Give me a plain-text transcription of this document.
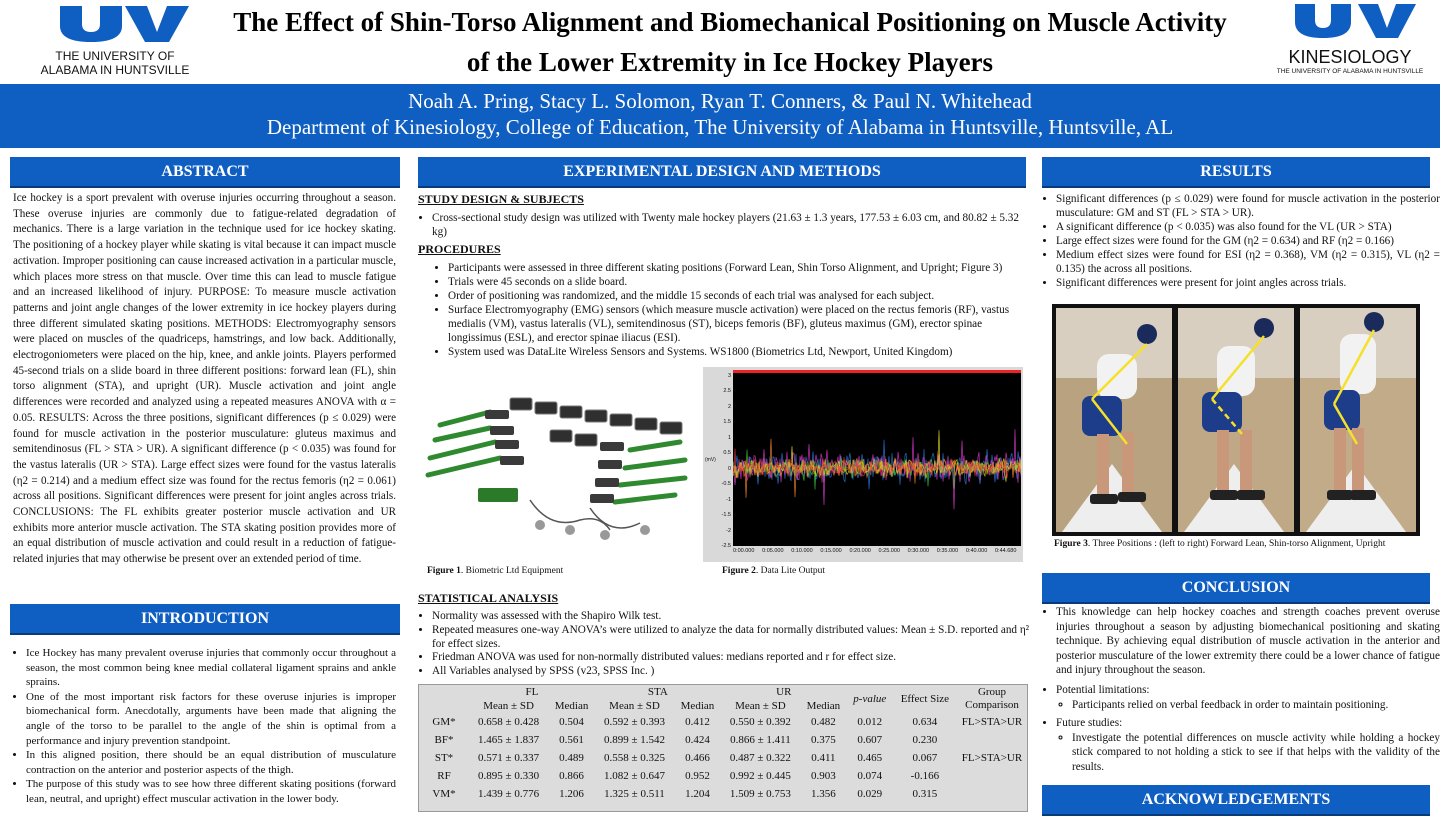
THE UNIVERSITY OF
ALABAMA IN HUNTSVILLE
The Effect of Shin-Torso Alignment and Biomechanical Positioning on Muscle Activity
of the Lower Extremity in Ice Hockey Players	KINESIOLOGY
THE UNIVERSITY OF ALABAMA IN HUNTSVILLE
Noah A. Pring, Stacy L. Solomon, Ryan T. Conners, & Paul N. Whitehead
Department of Kinesiology, College of Education, The University of Alabama in Huntsville, Huntsville, AL
ABSTRACT
Ice hockey is a sport prevalent with overuse injuries occurring throughout a season. These overuse injuries are commonly due to fatigue-related degradation of mechanics. There is a large variation in the technique used for ice hockey skating. The positioning of a hockey player while skating is vital because it can impact muscle activation. Improper positioning can cause increased activation in a particular muscle, which places more stress on that muscle. Over time this can lead to muscle fatigue and an increased likelihood of injury. PURPOSE: To measure muscle activation patterns and joint angle changes of the lower extremity in ice hockey players during three different simulated skating positions. METHODS: Electromyography sensors were placed on muscles of the quadriceps, hamstrings, and low back. Additionally, electrogoniometers were placed on the hip, knee, and ankle joints. Players performed 45-second trials on a slide board in three different positions: forward lean (FL), shin torso alignment (STA), and upright (UR). Muscle activation and joint angle differences were recorded and analyzed using a repeated measures ANOVA with α = 0.05. RESULTS: Across the three positions, significant differences (p ≤ 0.029) were found for muscle activation in the posterior musculature: gluteus maximus and semitendinosus (FL > STA > UR). A significant difference (p < 0.035) was found for the vastus lateralis (UR > STA). Large effect sizes were found for the vastus lateralis (η2 = 0.214) and a medium effect size was found for the rectus femoris (η2 = 0.061) across all positions. Significant differences were present for joint angles across trials. CONCLUSIONS: The FL exhibits greater posterior muscle activation and UR exhibits more anterior muscle activation. The STA skating position provides more of an equal distribution of muscle activation and could result in a reduction of fatigue-related injuries that may otherwise be present over an extended period of time.
INTRODUCTION
• Ice Hockey has many prevalent overuse injuries that commonly occur throughout a season, the most common being knee medial collateral ligament sprains and ankle sprains.
• One of the most important risk factors for these overuse injuries is improper biomechanical form. Anecdotally, arguments have been made that aligning the angle of the torso to be parallel to the angle of the shin is optimal from a performance and injury prevention standpoint.
• In this aligned position, there should be an equal distribution of musculature contraction on the anterior and posterior aspects of the thigh.
• The purpose of this study was to see how three different skating positions (forward lean, neutral, and upright) effect muscular activation in the lower body.
EXPERIMENTAL DESIGN AND METHODS
STUDY DESIGN & SUBJECTS
• Cross-sectional study design was utilized with Twenty male hockey players (21.63 ± 1.3 years, 177.53 ± 6.03 cm, and 80.82 ± 5.32 kg)
PROCEDURES
• Participants were assessed in three different skating positions (Forward Lean, Shin Torso Alignment, and Upright; Figure 3)
• Trials were 45 seconds on a slide board.
• Order of positioning was randomized, and the middle 15 seconds of each trial was analysed for each subject.
• Surface Electromyography (EMG) sensors (which measure muscle activation) were placed on the rectus femoris (RF), vastus medialis (VM), vastus lateralis (VL), semitendinosus (ST), biceps femoris (BF), gluteus maximus (GM), erector spinae longissimus (ESL), and erector spinae iliacus (ESI).
• System used was DataLite Wireless Sensors and Systems. WS1800 (Biometrics Ltd, Newport, United Kingdom)
Figure 1. Biometric Ltd Equipment
3
2.5
2
1.5
1
0.5
0
-0.5
-1
-1.5
-2
-2.5
0:00.000 0:05.000 0:10.000 0:15.000 0:20.000 0:25.000 0:30.000 0:35.000 0:40.000 0:44.680
(mV)
Figure 2. Data Lite Output
STATISTICAL ANALYSIS
• Normality was assessed with the Shapiro Wilk test.
• Repeated measures one-way ANOVA’s were utilized to analyze the data for normally distributed values: Mean ± S.D. reported and η² for effect sizes.
• Friedman ANOVA was used for non-normally distributed values: medians reported and r for effect size.
• All Variables analysed by SPSS (v23, SPSS Inc. )
	FL		STA		UR		p-value	Effect Size	Group Comparison
	Mean ± SD	Median	Mean ± SD	Median	Mean ± SD	Median			
GM*	0.658 ± 0.428	0.504	0.592 ± 0.393	0.412	0.550 ± 0.392	0.482	0.012	0.634	FL>STA>UR
BF*	1.465 ± 1.837	0.561	0.899 ± 1.542	0.424	0.866 ± 1.411	0.375	0.607	0.230	
ST*	0.571 ± 0.337	0.489	0.558 ± 0.325	0.466	0.487 ± 0.322	0.411	0.465	0.067	FL>STA>UR
RF	0.895 ± 0.330	0.866	1.082 ± 0.647	0.952	0.992 ± 0.445	0.903	0.074	-0.166	
VM*	1.439 ± 0.776	1.206	1.325 ± 0.511	1.204	1.509 ± 0.753	1.356	0.029	0.315	
RESULTS
• Significant differences (p ≤ 0.029) were found for muscle activation in the posterior musculature: GM and ST (FL > STA > UR).
• A significant difference (p < 0.035) was also found for the VL (UR > STA)
• Large effect sizes were found for the GM (η2 = 0.634) and RF (η2 = 0.166)
• Medium effect sizes were found for ESI (η2 = 0.368), VM (η2 = 0.315), VL (η2 = 0.135) the across all positions.
• Significant differences were present for joint angles across trials.
Figure 3. Three Positions : (left to right) Forward Lean, Shin-torso Alignment, Upright
CONCLUSION
• This knowledge can help hockey coaches and strength coaches prevent overuse injuries throughout a season by adjusting biomechanical positioning and skating technique. By achieving equal distribution of muscle activation in the anterior and posterior musculature of the lower extremity there could be a lower chance of fatigue and injury throughout the season.
• Potential limitations:
◦ Participants relied on verbal feedback in order to maintain positioning.
• Future studies:
◦ Investigate the potential differences on muscle activity while holding a hockey stick compared to not holding a stick to see if that helps with the validity of the results.
ACKNOWLEDGEMENTS
